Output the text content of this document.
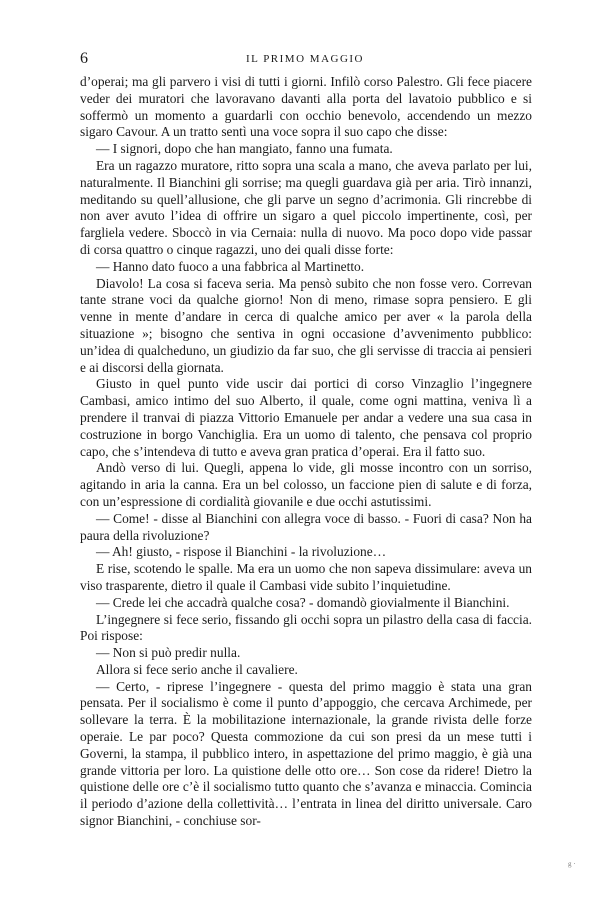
6	IL PRIMO MAGGIO

d’operai; ma gli parvero i visi di tutti i giorni. Infilò corso Palestro. Gli fece piacere veder dei muratori che lavoravano davanti alla porta del lavatoio pubblico e si soffermò un momento a guardarli con occhio benevolo, accendendo un mezzo sigaro Cavour. A un tratto sentì una voce sopra il suo capo che disse:

— I signori, dopo che han mangiato, fanno una fumata.

Era un ragazzo muratore, ritto sopra una scala a mano, che aveva parlato per lui, naturalmente. Il Bianchini gli sorrise; ma quegli guardava già per aria. Tirò innanzi, meditando su quell’allusione, che gli parve un segno d’acrimonia. Gli rincrebbe di non aver avuto l’idea di offrire un sigaro a quel piccolo impertinente, così, per fargliela vedere. Sboccò in via Cernaia: nulla di nuovo. Ma poco dopo vide passar di corsa quattro o cinque ragazzi, uno dei quali disse forte:

— Hanno dato fuoco a una fabbrica al Martinetto.

Diavolo! La cosa si faceva seria. Ma pensò subito che non fosse vero. Correvan tante strane voci da qualche giorno! Non di meno, rimase sopra pensiero. E gli venne in mente d’andare in cerca di qualche amico per aver « la parola della situazione »; bisogno che sentiva in ogni occasione d’avvenimento pubblico: un’idea di qualcheduno, un giudizio da far suo, che gli servisse di traccia ai pensieri e ai discorsi della giornata.

Giusto in quel punto vide uscir dai portici di corso Vinzaglio l’ingegnere Cambasi, amico intimo del suo Alberto, il quale, come ogni mattina, veniva lì a prendere il tranvai di piazza Vittorio Emanuele per andar a vedere una sua casa in costruzione in borgo Vanchiglia. Era un uomo di talento, che pensava col proprio capo, che s’intendeva di tutto e aveva gran pratica d’operai. Era il fatto suo.

Andò verso di lui. Quegli, appena lo vide, gli mosse incontro con un sorriso, agitando in aria la canna. Era un bel colosso, un faccione pien di salute e di forza, con un’espressione di cordialità giovanile e due occhi astutissimi.

— Come! - disse al Bianchini con allegra voce di basso. - Fuori di casa? Non ha paura della rivoluzione?

— Ah! giusto, - rispose il Bianchini - la rivoluzione…

E rise, scotendo le spalle. Ma era un uomo che non sapeva dissimulare: aveva un viso trasparente, dietro il quale il Cambasi vide subito l’inquietudine.

— Crede lei che accadrà qualche cosa? - domandò giovialmente il Bianchini.

L’ingegnere si fece serio, fissando gli occhi sopra un pilastro della casa di faccia. Poi rispose:

— Non si può predir nulla.

Allora si fece serio anche il cavaliere.

— Certo, - riprese l’ingegnere - questa del primo maggio è stata una gran pensata. Per il socialismo è come il punto d’appoggio, che cercava Archimede, per sollevare la terra. È la mobilitazione internazionale, la grande rivista delle forze operaie. Le par poco? Questa commozione da cui son presi da un mese tutti i Governi, la stampa, il pubblico intero, in aspettazione del primo maggio, è già una grande vittoria per loro. La quistione delle otto ore… Son cose da ridere! Dietro la quistione delle ore c’è il socialismo tutto quanto che s’avanza e minaccia. Comincia il periodo d’azione della collettività… l’entrata in linea del diritto universale. Caro signor Bianchini, - conchiuse sor-

g ·
